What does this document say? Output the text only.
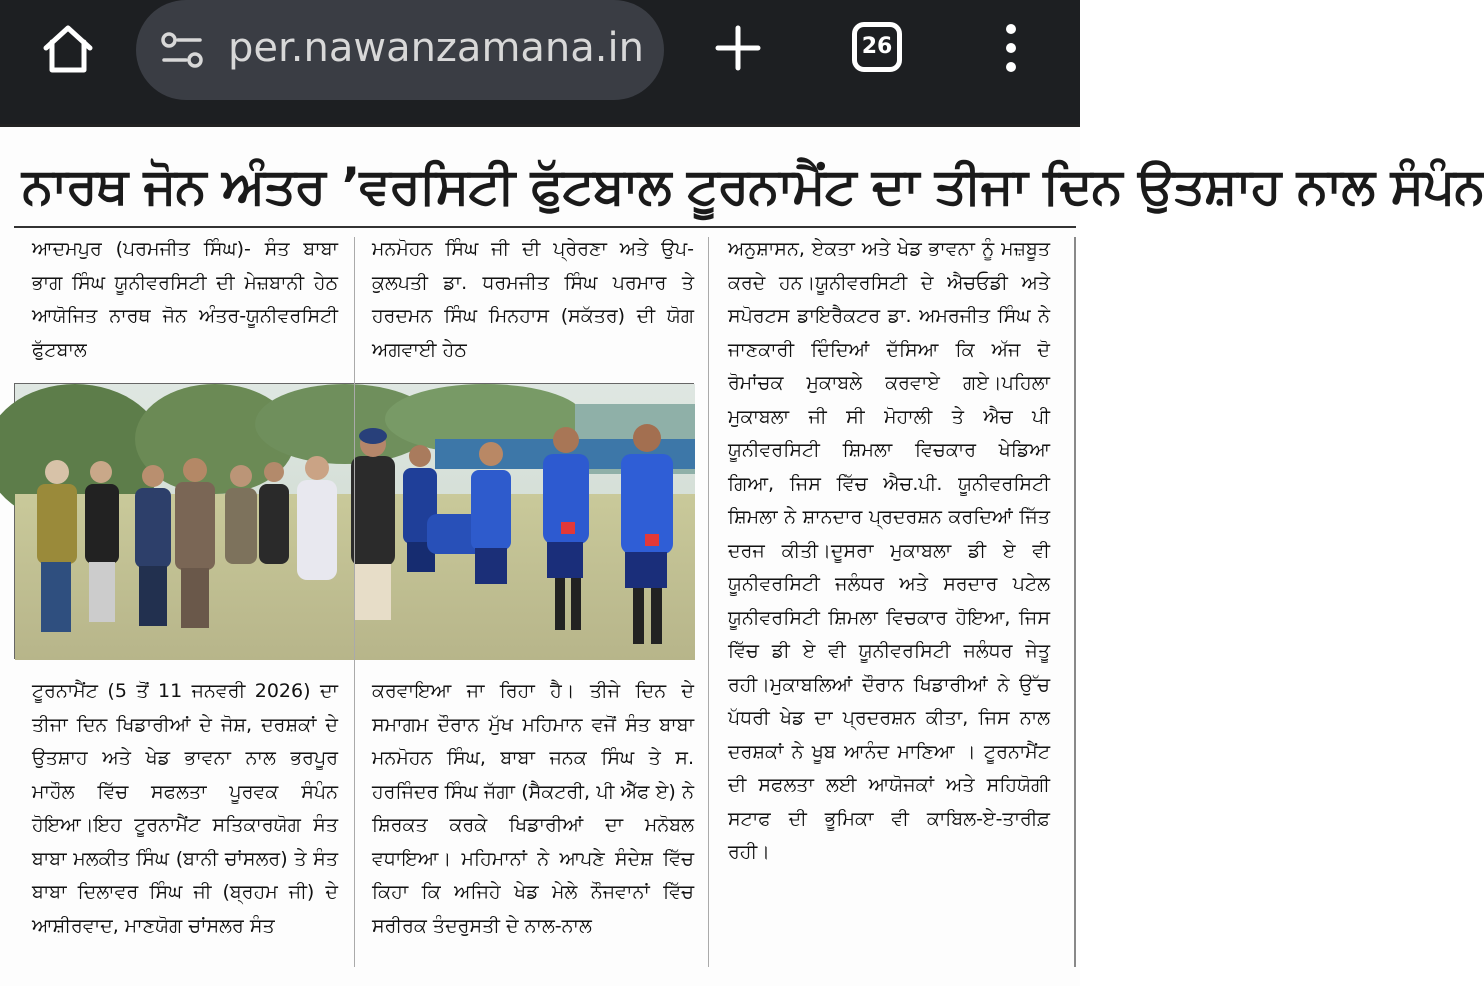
per.nawanzamana.in	26
ਨਾਰਥ ਜੋਨ ਅੰਤਰ ’ਵਰਸਿਟੀ ਫੁੱਟਬਾਲ ਟੂਰਨਾਮੈਂਟ ਦਾ ਤੀਜਾ ਦਿਨ ਉਤਸ਼ਾਹ ਨਾਲ ਸੰਪੰਨ

ਆਦਮਪੁਰ (ਪਰਮਜੀਤ ਸਿੰਘ)- ਸੰਤ ਬਾਬਾ ਭਾਗ ਸਿੰਘ ਯੂਨੀਵਰਸਿਟੀ ਦੀ ਮੇਜ਼ਬਾਨੀ ਹੇਠ ਆਯੋਜਿਤ ਨਾਰਥ ਜੋਨ ਅੰਤਰ-ਯੂਨੀਵਰਸਿਟੀ ਫੁੱਟਬਾਲ

ਮਨਮੋਹਨ ਸਿੰਘ ਜੀ ਦੀ ਪ੍ਰੇਰਣਾ ਅਤੇ ਉਪ-ਕੁਲਪਤੀ ਡਾ. ਧਰਮਜੀਤ ਸਿੰਘ ਪਰਮਾਰ ਤੇ ਹਰਦਮਨ ਸਿੰਘ ਮਿਨਹਾਸ (ਸਕੱਤਰ) ਦੀ ਯੋਗ ਅਗਵਾਈ ਹੇਠ

ਅਨੁਸ਼ਾਸਨ, ਏਕਤਾ ਅਤੇ ਖੇਡ ਭਾਵਨਾ ਨੂੰ ਮਜ਼ਬੂਤ ਕਰਦੇ ਹਨ।ਯੂਨੀਵਰਸਿਟੀ ਦੇ ਐਚਓਡੀ ਅਤੇ ਸਪੋਰਟਸ ਡਾਇਰੈਕਟਰ ਡਾ. ਅਮਰਜੀਤ ਸਿੰਘ ਨੇ ਜਾਣਕਾਰੀ ਦਿੰਦਿਆਂ ਦੱਸਿਆ ਕਿ ਅੱਜ ਦੋ ਰੋਮਾਂਚਕ ਮੁਕਾਬਲੇ ਕਰਵਾਏ ਗਏ।ਪਹਿਲਾ ਮੁਕਾਬਲਾ ਜੀ ਸੀ ਮੋਹਾਲੀ ਤੇ ਐਚ ਪੀ ਯੂਨੀਵਰਸਿਟੀ ਸ਼ਿਮਲਾ ਵਿਚਕਾਰ ਖੇਡਿਆ ਗਿਆ, ਜਿਸ ਵਿੱਚ ਐਚ.ਪੀ. ਯੂਨੀਵਰਸਿਟੀ ਸ਼ਿਮਲਾ ਨੇ ਸ਼ਾਨਦਾਰ ਪ੍ਰਦਰਸ਼ਨ ਕਰਦਿਆਂ ਜਿੱਤ ਦਰਜ ਕੀਤੀ।ਦੂਸਰਾ ਮੁਕਾਬਲਾ ਡੀ ਏ ਵੀ ਯੂਨੀਵਰਸਿਟੀ ਜਲੰਧਰ ਅਤੇ ਸਰਦਾਰ ਪਟੇਲ ਯੂਨੀਵਰਸਿਟੀ ਸ਼ਿਮਲਾ ਵਿਚਕਾਰ ਹੋਇਆ, ਜਿਸ ਵਿੱਚ ਡੀ ਏ ਵੀ ਯੂਨੀਵਰਸਿਟੀ ਜਲੰਧਰ ਜੇਤੂ ਰਹੀ।ਮੁਕਾਬਲਿਆਂ ਦੌਰਾਨ ਖਿਡਾਰੀਆਂ ਨੇ ਉੱਚ ਪੱਧਰੀ ਖੇਡ ਦਾ ਪ੍ਰਦਰਸ਼ਨ ਕੀਤਾ, ਜਿਸ ਨਾਲ ਦਰਸ਼ਕਾਂ ਨੇ ਖੂਬ ਆਨੰਦ ਮਾਣਿਆ । ਟੂਰਨਾਮੈਂਟ ਦੀ ਸਫਲਤਾ ਲਈ ਆਯੋਜਕਾਂ ਅਤੇ ਸਹਿਯੋਗੀ ਸਟਾਫ ਦੀ ਭੂਮਿਕਾ ਵੀ ਕਾਬਿਲ-ਏ-ਤਾਰੀਫ਼ ਰਹੀ।

ਟੂਰਨਾਮੈਂਟ (5 ਤੋਂ 11 ਜਨਵਰੀ 2026) ਦਾ ਤੀਜਾ ਦਿਨ ਖਿਡਾਰੀਆਂ ਦੇ ਜੋਸ਼, ਦਰਸ਼ਕਾਂ ਦੇ ਉਤਸ਼ਾਹ ਅਤੇ ਖੇਡ ਭਾਵਨਾ ਨਾਲ ਭਰਪੂਰ ਮਾਹੌਲ ਵਿੱਚ ਸਫਲਤਾ ਪੂਰਵਕ ਸੰਪੰਨ ਹੋਇਆ।ਇਹ ਟੂਰਨਾਮੈਂਟ ਸਤਿਕਾਰਯੋਗ ਸੰਤ ਬਾਬਾ ਮਲਕੀਤ ਸਿੰਘ (ਬਾਨੀ ਚਾਂਸਲਰ) ਤੇ ਸੰਤ ਬਾਬਾ ਦਿਲਾਵਰ ਸਿੰਘ ਜੀ (ਬ੍ਰਹਮ ਜੀ) ਦੇ ਆਸ਼ੀਰਵਾਦ, ਮਾਣਯੋਗ ਚਾਂਸਲਰ ਸੰਤ

ਕਰਵਾਇਆ ਜਾ ਰਿਹਾ ਹੈ। ਤੀਜੇ ਦਿਨ ਦੇ ਸਮਾਗਮ ਦੌਰਾਨ ਮੁੱਖ ਮਹਿਮਾਨ ਵਜੋਂ ਸੰਤ ਬਾਬਾ ਮਨਮੋਹਨ ਸਿੰਘ, ਬਾਬਾ ਜਨਕ ਸਿੰਘ ਤੇ ਸ. ਹਰਜਿੰਦਰ ਸਿੰਘ ਜੱਗਾ (ਸੈਕਟਰੀ, ਪੀ ਐੱਫ ਏ) ਨੇ ਸ਼ਿਰਕਤ ਕਰਕੇ ਖਿਡਾਰੀਆਂ ਦਾ ਮਨੋਬਲ ਵਧਾਇਆ। ਮਹਿਮਾਨਾਂ ਨੇ ਆਪਣੇ ਸੰਦੇਸ਼ ਵਿੱਚ ਕਿਹਾ ਕਿ ਅਜਿਹੇ ਖੇਡ ਮੇਲੇ ਨੌਜਵਾਨਾਂ ਵਿੱਚ ਸਰੀਰਕ ਤੰਦਰੁਸਤੀ ਦੇ ਨਾਲ-ਨਾਲ
